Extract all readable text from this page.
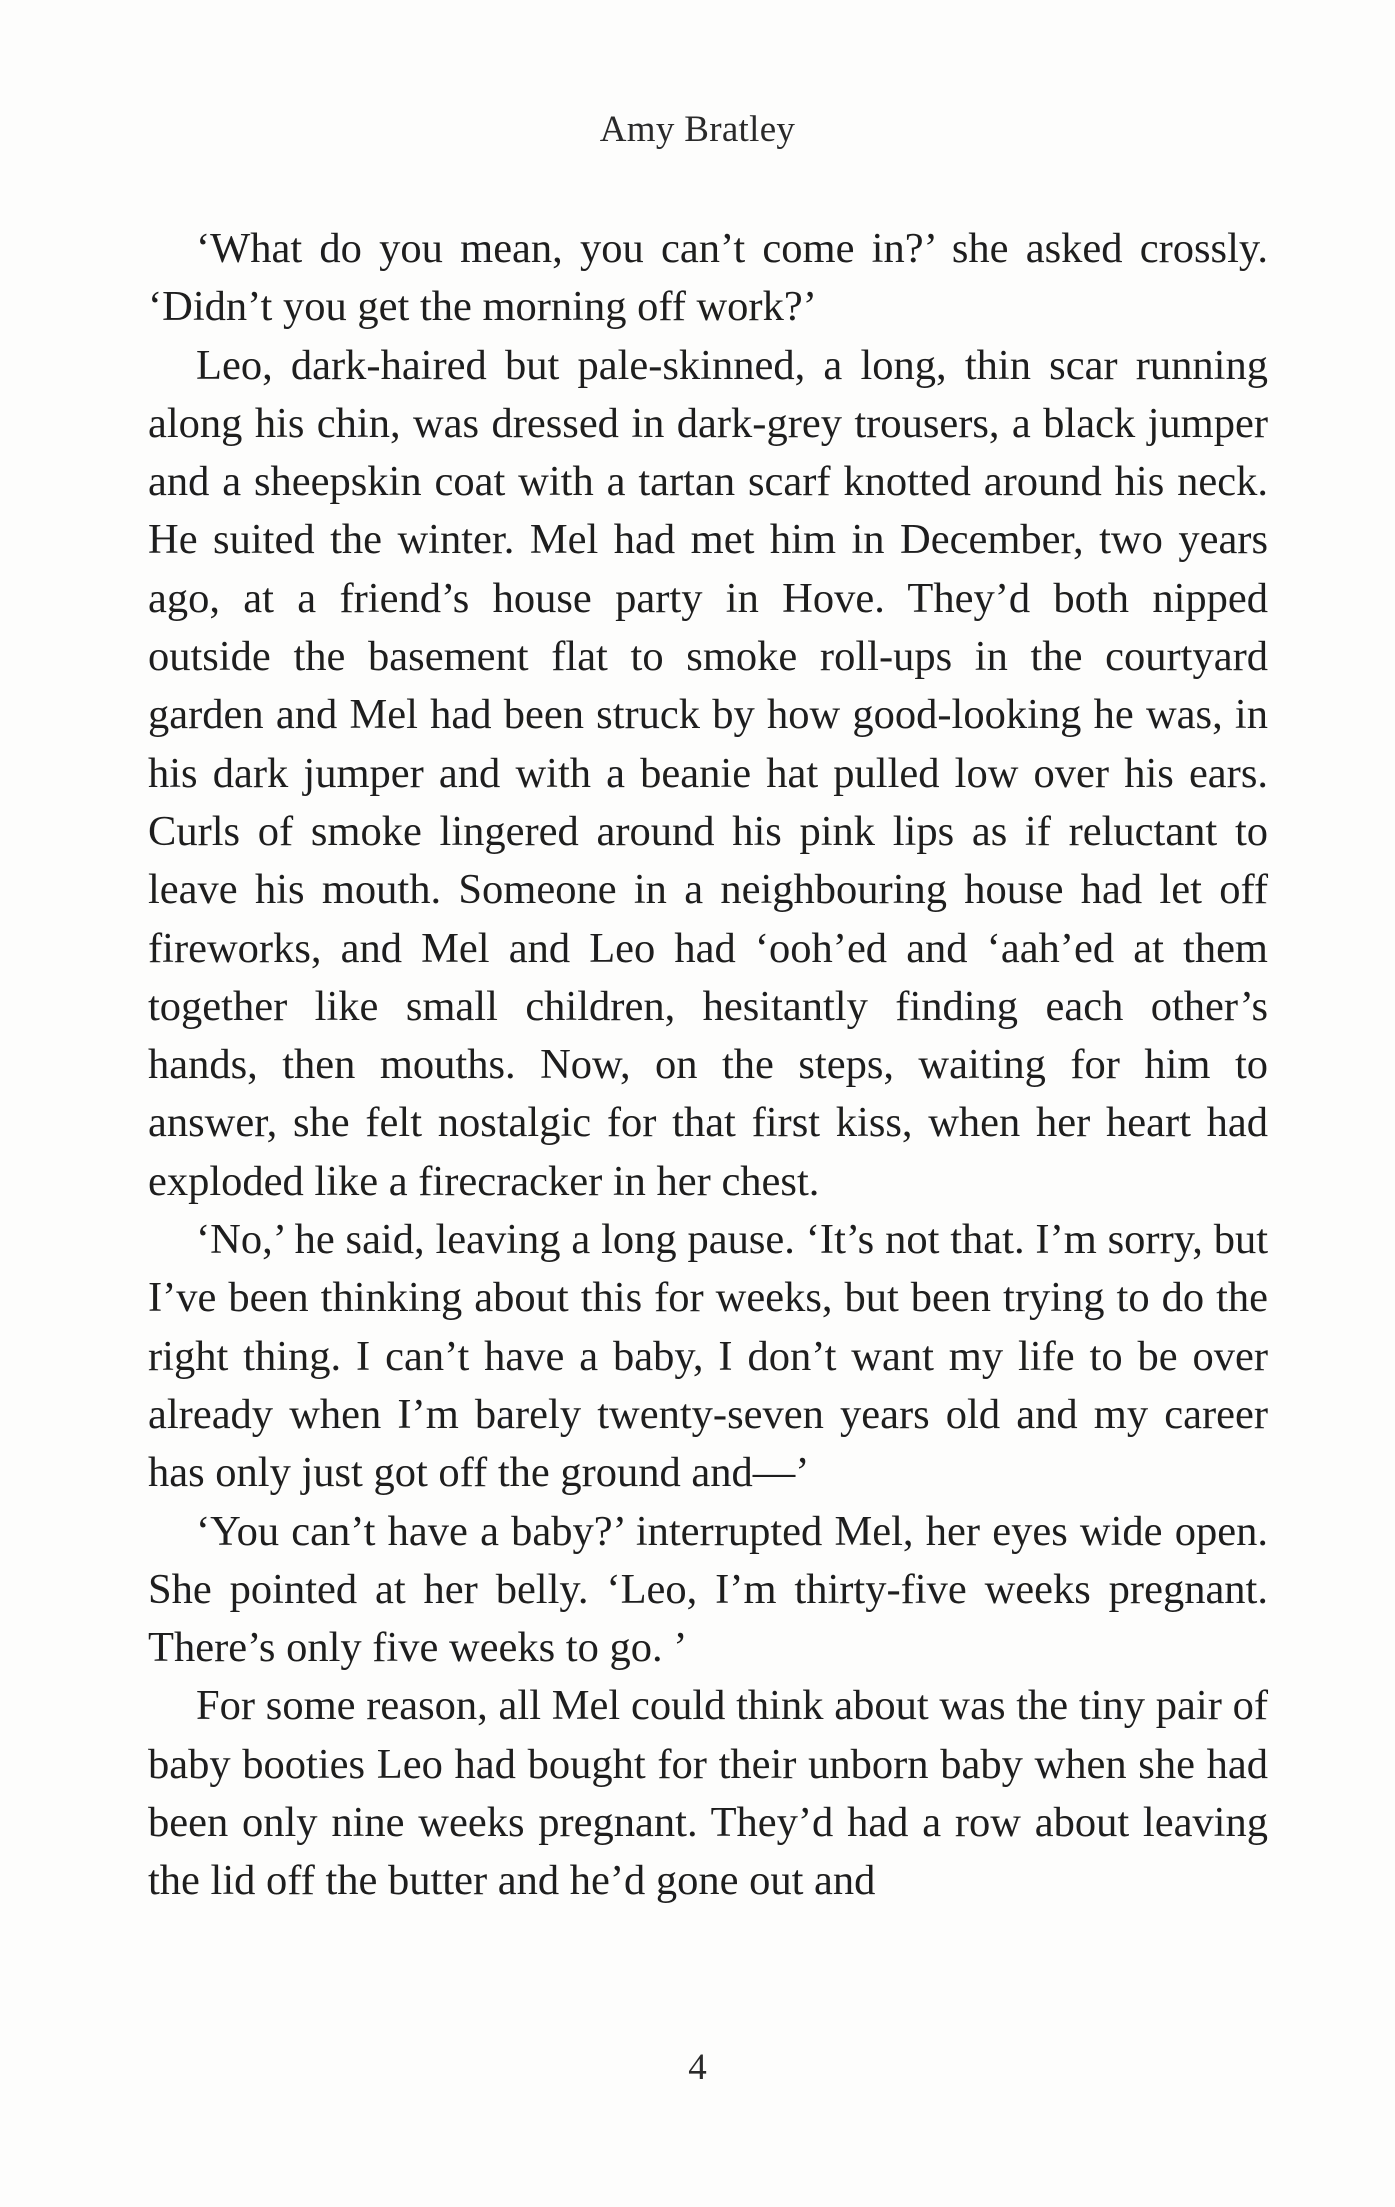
Amy Bratley

‘What do you mean, you can’t come in?’ she asked crossly. ‘Didn’t you get the morning off work?’

Leo, dark-haired but pale-skinned, a long, thin scar running along his chin, was dressed in dark-grey trousers, a black jumper and a sheepskin coat with a tartan scarf knotted around his neck. He suited the winter. Mel had met him in December, two years ago, at a friend’s house party in Hove. They’d both nipped outside the basement flat to smoke roll-ups in the courtyard garden and Mel had been struck by how good-looking he was, in his dark jumper and with a beanie hat pulled low over his ears. Curls of smoke lingered around his pink lips as if reluctant to leave his mouth. Someone in a neighbouring house had let off fireworks, and Mel and Leo had ‘ooh’ed and ‘aah’ed at them together like small children, hesitantly finding each other’s hands, then mouths. Now, on the steps, waiting for him to answer, she felt nostalgic for that first kiss, when her heart had exploded like a firecracker in her chest.

‘No,’ he said, leaving a long pause. ‘It’s not that. I’m sorry, but I’ve been thinking about this for weeks, but been trying to do the right thing. I can’t have a baby, I don’t want my life to be over already when I’m barely twenty-seven years old and my career has only just got off the ground and—’

‘You can’t have a baby?’ interrupted Mel, her eyes wide open. She pointed at her belly. ‘Leo, I’m thirty-five weeks pregnant. There’s only five weeks to go. ’

For some reason, all Mel could think about was the tiny pair of baby booties Leo had bought for their unborn baby when she had been only nine weeks pregnant. They’d had a row about leaving the lid off the butter and he’d gone out and

4
